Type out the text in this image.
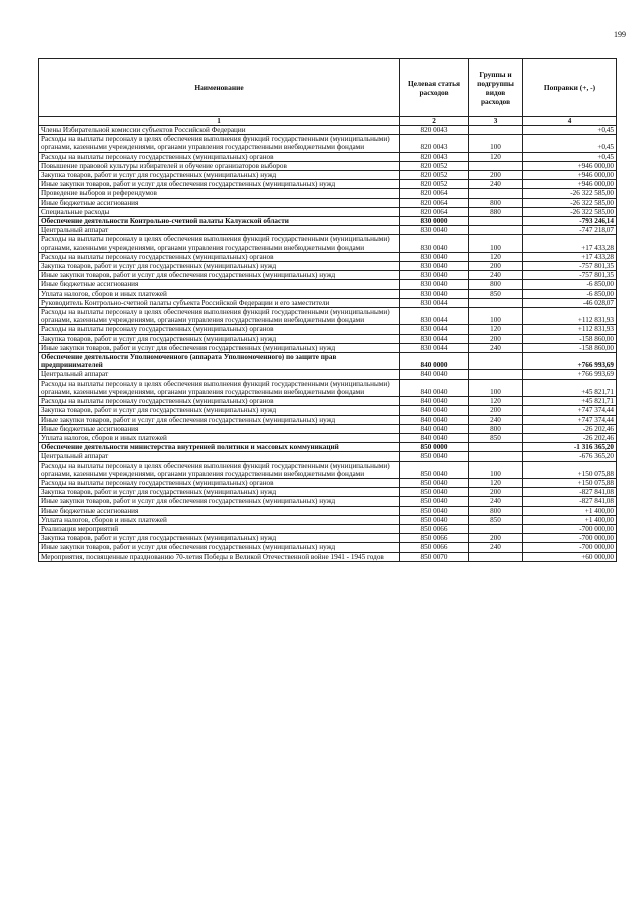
199
Наименование	Целевая статья расходов	Группы и подгруппы видов расходов	Поправки (+, -)
1	2	3	4
Члены Избирательной комиссии субъектов Российской Федерации	820 0043		+0,45
Расходы на выплаты персоналу в целях обеспечения выполнения функций государственными (муниципальными) органами, казенными учреждениями, органами управления государственными внебюджетными фондами	820 0043	100	+0,45
Расходы на выплаты персоналу государственных (муниципальных) органов	820 0043	120	+0,45
Повышение правовой культуры избирателей и обучение организаторов выборов	820 0052		+946 000,00
Закупка товаров, работ и услуг для государственных (муниципальных) нужд	820 0052	200	+946 000,00
Иные закупки товаров, работ и услуг для обеспечения государственных (муниципальных) нужд	820 0052	240	+946 000,00
Проведение выборов и референдумов	820 0064		-26 322 585,00
Иные бюджетные ассигнования	820 0064	800	-26 322 585,00
Специальные расходы	820 0064	880	-26 322 585,00
Обеспечение деятельности Контрольно-счетной палаты Калужской области	830 0000		-793 246,14
Центральный аппарат	830 0040		-747 218,07
Расходы на выплаты персоналу в целях обеспечения выполнения функций государственными (муниципальными) органами, казенными учреждениями, органами управления государственными внебюджетными фондами	830 0040	100	+17 433,28
Расходы на выплаты персоналу государственных (муниципальных) органов	830 0040	120	+17 433,28
Закупка товаров, работ и услуг для государственных (муниципальных) нужд	830 0040	200	-757 801,35
Иные закупки товаров, работ и услуг для обеспечения государственных (муниципальных) нужд	830 0040	240	-757 801,35
Иные бюджетные ассигнования	830 0040	800	-6 850,00
Уплата налогов, сборов и иных платежей	830 0040	850	-6 850,00
Руководитель Контрольно-счетной палаты субъекта Российской Федерации и его заместители	830 0044		-46 028,07
Расходы на выплаты персоналу в целях обеспечения выполнения функций государственными (муниципальными) органами, казенными учреждениями, органами управления государственными внебюджетными фондами	830 0044	100	+112 831,93
Расходы на выплаты персоналу государственных (муниципальных) органов	830 0044	120	+112 831,93
Закупка товаров, работ и услуг для государственных (муниципальных) нужд	830 0044	200	-158 860,00
Иные закупки товаров, работ и услуг для обеспечения государственных (муниципальных) нужд	830 0044	240	-158 860,00
Обеспечение деятельности Уполномоченного (аппарата Уполномоченного) по защите прав предпринимателей	840 0000		+766 993,69
Центральный аппарат	840 0040		+766 993,69
Расходы на выплаты персоналу в целях обеспечения выполнения функций государственными (муниципальными) органами, казенными учреждениями, органами управления государственными внебюджетными фондами	840 0040	100	+45 821,71
Расходы на выплаты персоналу государственных (муниципальных) органов	840 0040	120	+45 821,71
Закупка товаров, работ и услуг для государственных (муниципальных) нужд	840 0040	200	+747 374,44
Иные закупки товаров, работ и услуг для обеспечения государственных (муниципальных) нужд	840 0040	240	+747 374,44
Иные бюджетные ассигнования	840 0040	800	-26 202,46
Уплата налогов, сборов и иных платежей	840 0040	850	-26 202,46
Обеспечение деятельности министерства внутренней политики и массовых коммуникаций	850 0000		-1 316 365,20
Центральный аппарат	850 0040		-676 365,20
Расходы на выплаты персоналу в целях обеспечения выполнения функций государственными (муниципальными) органами, казенными учреждениями, органами управления государственными внебюджетными фондами	850 0040	100	+150 075,88
Расходы на выплаты персоналу государственных (муниципальных) органов	850 0040	120	+150 075,88
Закупка товаров, работ и услуг для государственных (муниципальных) нужд	850 0040	200	-827 841,08
Иные закупки товаров, работ и услуг для обеспечения государственных (муниципальных) нужд	850 0040	240	-827 841,08
Иные бюджетные ассигнования	850 0040	800	+1 400,00
Уплата налогов, сборов и иных платежей	850 0040	850	+1 400,00
Реализация мероприятий	850 0066		-700 000,00
Закупка товаров, работ и услуг для государственных (муниципальных) нужд	850 0066	200	-700 000,00
Иные закупки товаров, работ и услуг для обеспечения государственных (муниципальных) нужд	850 0066	240	-700 000,00
Мероприятия, посвященные празднованию 70-летия Победы в Великой Отечественной войне 1941 - 1945 годов	850 0070		+60 000,00
